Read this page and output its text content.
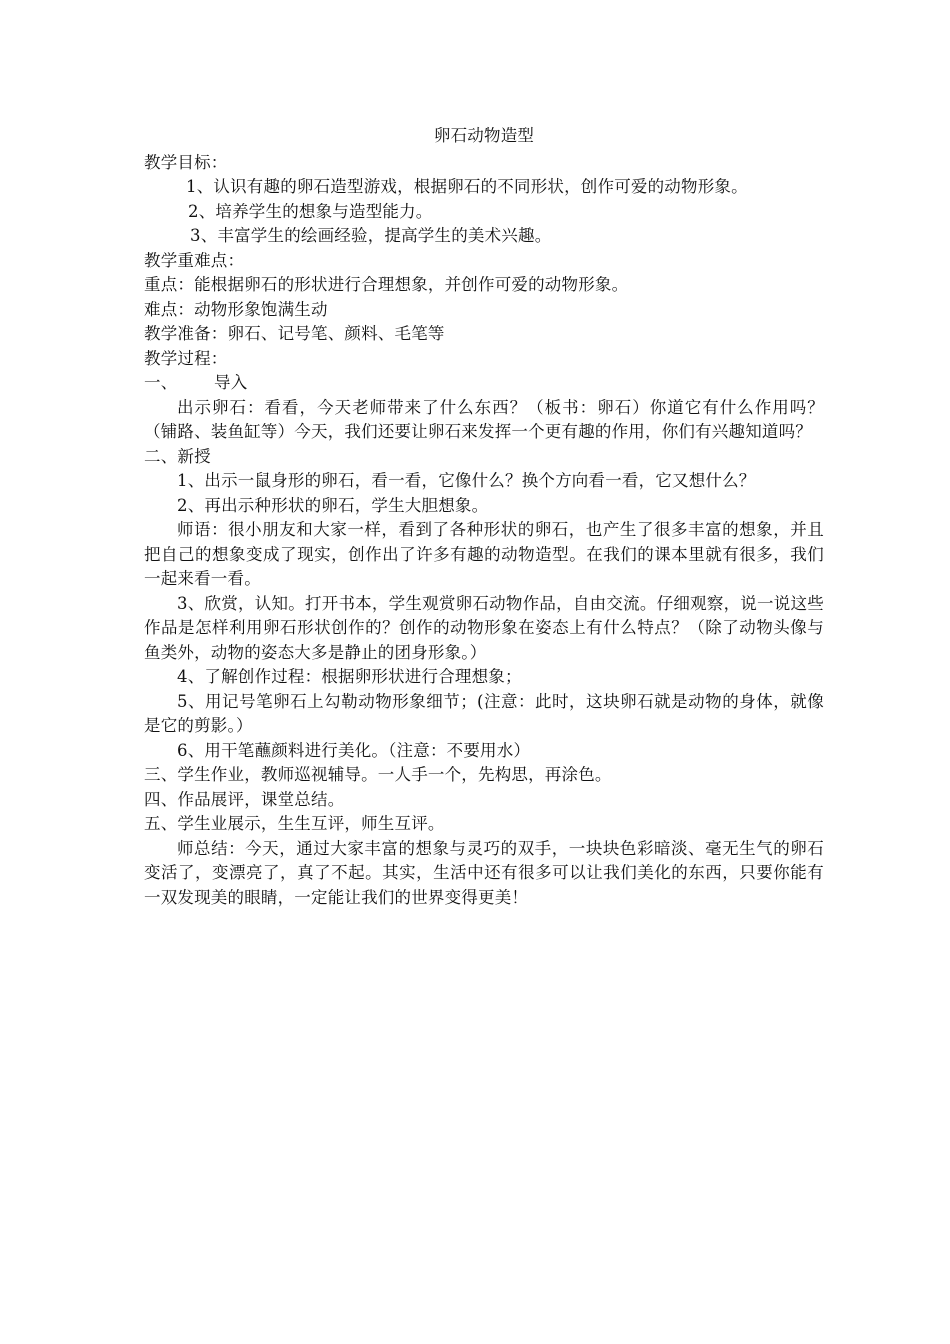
卵石动物造型

教学目标：

1、认识有趣的卵石造型游戏，根据卵石的不同形状，创作可爱的动物形象。

2、培养学生的想象与造型能力。

3、丰富学生的绘画经验，提高学生的美术兴趣。

教学重难点：

重点：能根据卵石的形状进行合理想象，并创作可爱的动物形象。

难点：动物形象饱满生动

教学准备：卵石、记号笔、颜料、毛笔等

教学过程：

一、 导入

出示卵石：看看，今天老师带来了什么东西？（板书：卵石）你道它有什么作用吗？（铺路、装鱼缸等）今天，我们还要让卵石来发挥一个更有趣的作用，你们有兴趣知道吗？

二、新授

1、出示一鼠身形的卵石，看一看，它像什么？换个方向看一看，它又想什么？

2、再出示种形状的卵石，学生大胆想象。

师语：很小朋友和大家一样，看到了各种形状的卵石，也产生了很多丰富的想象，并且把自己的想象变成了现实，创作出了许多有趣的动物造型。在我们的课本里就有很多，我们一起来看一看。

3、欣赏，认知。打开书本，学生观赏卵石动物作品，自由交流。仔细观察，说一说这些作品是怎样利用卵石形状创作的？创作的动物形象在姿态上有什么特点？（除了动物头像与鱼类外，动物的姿态大多是静止的团身形象。）

4、了解创作过程：根据卵形状进行合理想象；

5、用记号笔卵石上勾勒动物形象细节；(注意：此时，这块卵石就是动物的身体，就像是它的剪影。）

6、用干笔蘸颜料进行美化。（注意：不要用水）

三、学生作业，教师巡视辅导。一人手一个，先构思，再涂色。

四、作品展评，课堂总结。

五、学生业展示，生生互评，师生互评。

师总结：今天，通过大家丰富的想象与灵巧的双手，一块块色彩暗淡、毫无生气的卵石变活了，变漂亮了，真了不起。其实，生活中还有很多可以让我们美化的东西，只要你能有一双发现美的眼睛，一定能让我们的世界变得更美！
